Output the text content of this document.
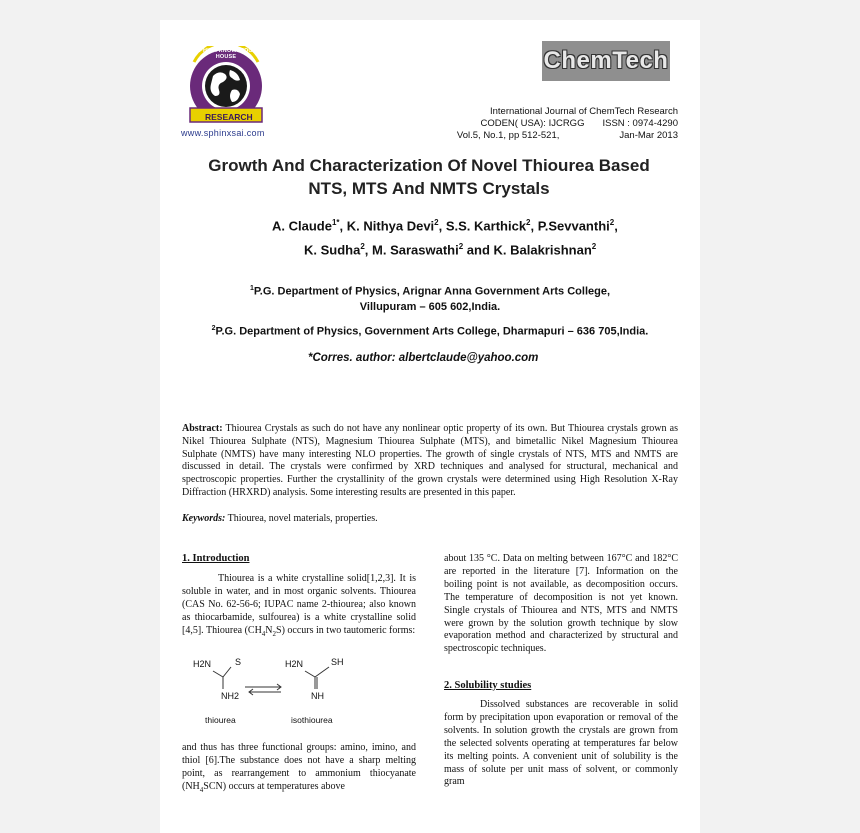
RESEARCH
SPHINX KNOWLEDGE HOUSE
www.sphinxsai.com
ChemTech
International Journal of ChemTech Research
CODEN( USA): IJCRGG ISSN : 0974-4290
Vol.5, No.1, pp 512-521,	Jan-Mar 2013
Growth And Characterization Of Novel Thiourea Based
NTS, MTS And NMTS Crystals
A. Claude$^{1*}$, K. Nithya Devi$^2$, S.S. Karthick$^2$, P.Sevvanthi$^2$,
K. Sudha$^2$, M. Saraswathi$^2$ and K. Balakrishnan$^2$
$^1$P.G. Department of Physics, Arignar Anna Government Arts College,
Villupuram – 605 602,India.
$^2$P.G. Department of Physics, Government Arts College, Dharmapuri – 636 705,India.
*Corres. author: albertclaude@yahoo.com
Abstract: Thiourea Crystals as such do not have any nonlinear optic property of its own. But Thiourea crystals grown as Nikel Thiourea Sulphate (NTS), Magnesium Thiourea Sulphate (MTS), and bimetallic Nikel Magnesium Thiourea Sulphate (NMTS) have many interesting NLO properties. The growth of single crystals of NTS, MTS and NMTS are discussed in detail. The crystals were confirmed by XRD techniques and analysed for structural, mechanical and spectroscopic properties. Further the crystallinity of the grown crystals were determined using High Resolution X-Ray Diffraction (HRXRD) analysis. Some interesting results are presented in this paper.
Keywords: Thiourea, novel materials, properties.
1. Introduction
Thiourea is a white crystalline solid[1,2,3]. It is soluble in water, and in most organic solvents. Thiourea (CAS No. 62-56-6; IUPAC name 2-thiourea; also known as thiocarbamide, sulfourea) is a white crystalline solid [4,5]. Thiourea $(CH_4N_2S)$ occurs in two tautomeric forms:
H2N	S
NH2
H2N	SH
NH
thiourea	isothiourea
and thus has three functional groups: amino, imino, and thiol [6].The substance does not have a sharp melting point, as rearrangement to ammonium thiocyanate $(NH_4SCN)$ occurs at temperatures above
about 135 °C. Data on melting between 167°C and 182°C are reported in the literature [7]. Information on the boiling point is not available, as decomposition occurs. The temperature of decomposition is not yet known. Single crystals of Thiourea and NTS, MTS and NMTS were grown by the solution growth technique by slow evaporation method and characterized by structural and spectroscopic techniques.
2. Solubility studies
Dissolved substances are recoverable in solid form by precipitation upon evaporation or removal of the solvents. In solution growth the crystals are grown from the selected solvents operating at temperatures far below its melting points. A convenient unit of solubility is the mass of solute per unit mass of solvent, or commonly gram
